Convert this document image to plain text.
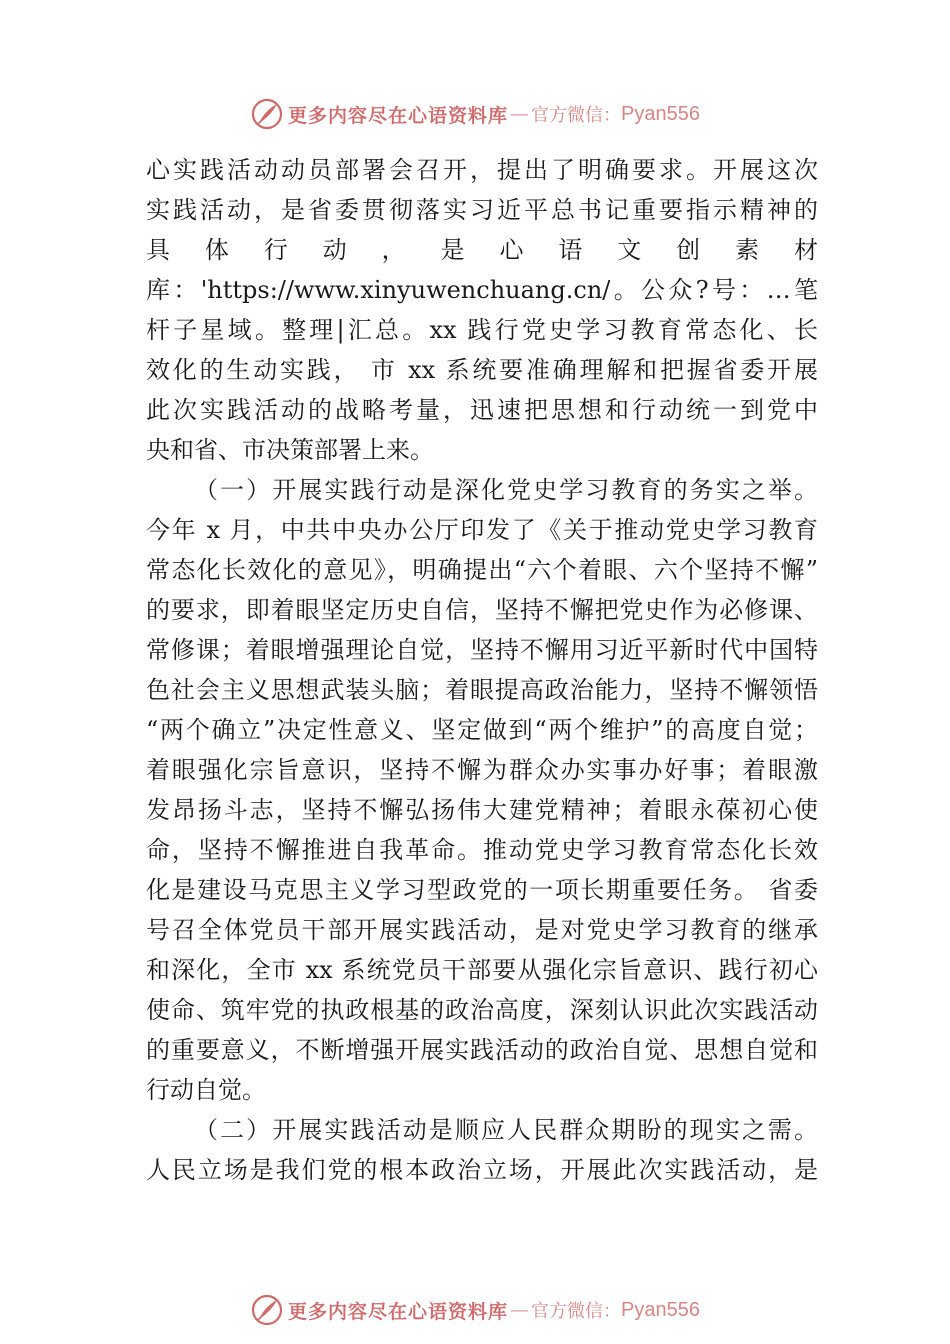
更多内容尽在心语资料库 — 官方微信： Pyan556
心实践活动动员部署会召开，提出了明确要求。开展这次
实践活动，是省委贯彻落实习近平总书记重要指示精神的
具 体 行 动 ， 是 心 语 文 创 素 材
库：'https://www.xinyuwenchuang.cn/。公众?号：…笔
杆子星域。整理|汇总。xx 践行党史学习教育常态化、长
效化的生动实践， 市 xx 系统要准确理解和把握省委开展
此次实践活动的战略考量，迅速把思想和行动统一到党中
央和省、市决策部署上来。
（一）开展实践行动是深化党史学习教育的务实之举。
今年 x 月，中共中央办公厅印发了《关于推动党史学习教育
常态化长效化的意见》，明确提出“六个着眼、六个坚持不懈”
的要求，即着眼坚定历史自信，坚持不懈把党史作为必修课、
常修课；着眼增强理论自觉，坚持不懈用习近平新时代中国特
色社会主义思想武装头脑；着眼提高政治能力，坚持不懈领悟
“两个确立”决定性意义、坚定做到“两个维护”的高度自觉；
着眼强化宗旨意识，坚持不懈为群众办实事办好事；着眼激
发昂扬斗志，坚持不懈弘扬伟大建党精神；着眼永葆初心使
命，坚持不懈推进自我革命。推动党史学习教育常态化长效
化是建设马克思主义学习型政党的一项长期重要任务。 省委
号召全体党员干部开展实践活动，是对党史学习教育的继承
和深化，全市 xx 系统党员干部要从强化宗旨意识、践行初心
使命、筑牢党的执政根基的政治高度，深刻认识此次实践活动
的重要意义，不断增强开展实践活动的政治自觉、思想自觉和
行动自觉。
（二）开展实践活动是顺应人民群众期盼的现实之需。
人民立场是我们党的根本政治立场，开展此次实践活动，是
更多内容尽在心语资料库 — 官方微信： Pyan556
